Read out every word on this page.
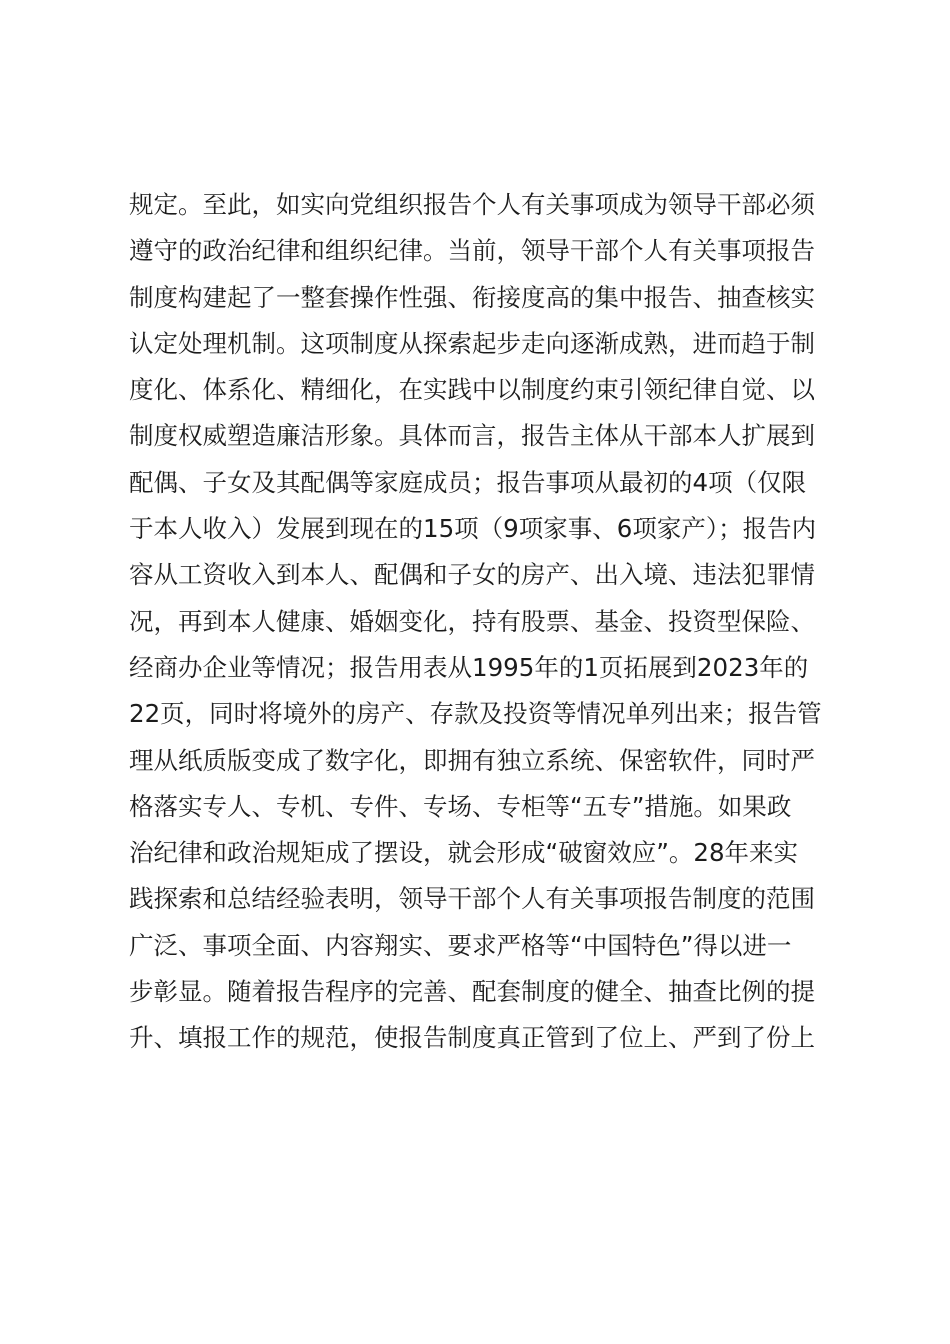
规定。至此，如实向党组织报告个人有关事项成为领导干部必须
遵守的政治纪律和组织纪律。当前，领导干部个人有关事项报告
制度构建起了一整套操作性强、衔接度高的集中报告、抽查核实
认定处理机制。这项制度从探索起步走向逐渐成熟，进而趋于制
度化、体系化、精细化，在实践中以制度约束引领纪律自觉、以
制度权威塑造廉洁形象。具体而言，报告主体从干部本人扩展到
配偶、子女及其配偶等家庭成员；报告事项从最初的4项（仅限
于本人收入）发展到现在的15项（9项家事、6项家产）；报告内
容从工资收入到本人、配偶和子女的房产、出入境、违法犯罪情
况，再到本人健康、婚姻变化，持有股票、基金、投资型保险、
经商办企业等情况；报告用表从1995年的1页拓展到2023年的
22页，同时将境外的房产、存款及投资等情况单列出来；报告管
理从纸质版变成了数字化，即拥有独立系统、保密软件，同时严
格落实专人、专机、专件、专场、专柜等“五专”措施。如果政
治纪律和政治规矩成了摆设，就会形成“破窗效应”。28年来实
践探索和总结经验表明，领导干部个人有关事项报告制度的范围
广泛、事项全面、内容翔实、要求严格等“中国特色”得以进一
步彰显。随着报告程序的完善、配套制度的健全、抽查比例的提
升、填报工作的规范，使报告制度真正管到了位上、严到了份上
